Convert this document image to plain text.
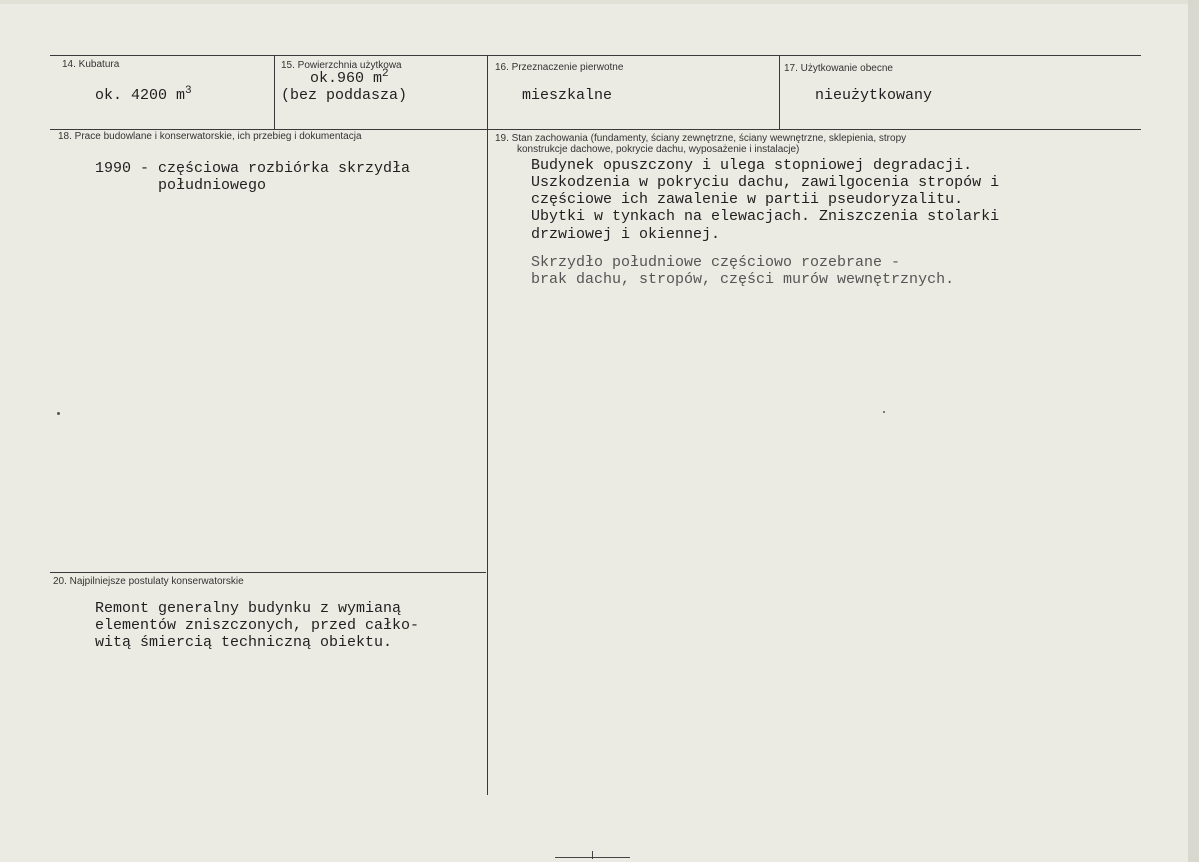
14. Kubatura
ok. 4200 $m^3$
15. Powierzchnia użytkowa
ok.960 $m^2$
(bez poddasza)
16. Przeznaczenie pierwotne
mieszkalne
17. Użytkowanie obecne
nieużytkowany
18. Prace budowlane i konserwatorskie, ich przebieg i dokumentacja
1990 - częściowa rozbiórka skrzydła
południowego
19. Stan zachowania (fundamenty, ściany zewnętrzne, ściany wewnętrzne, sklepienia, stropy
konstrukcje dachowe, pokrycie dachu, wyposażenie i instalacje)
Budynek opuszczony i ulega stopniowej degradacji.
Uszkodzenia w pokryciu dachu, zawilgocenia stropów i
częściowe ich zawalenie w partii pseudoryzalitu.
Ubytki w tynkach na elewacjach. Zniszczenia stolarki
drzwiowej i okiennej.
Skrzydło południowe częściowo rozebrane -
brak dachu, stropów, części murów wewnętrznych.
20. Najpilniejsze postulaty konserwatorskie
Remont generalny budynku z wymianą
elementów zniszczonych, przed całko-
witą śmiercią techniczną obiektu.
